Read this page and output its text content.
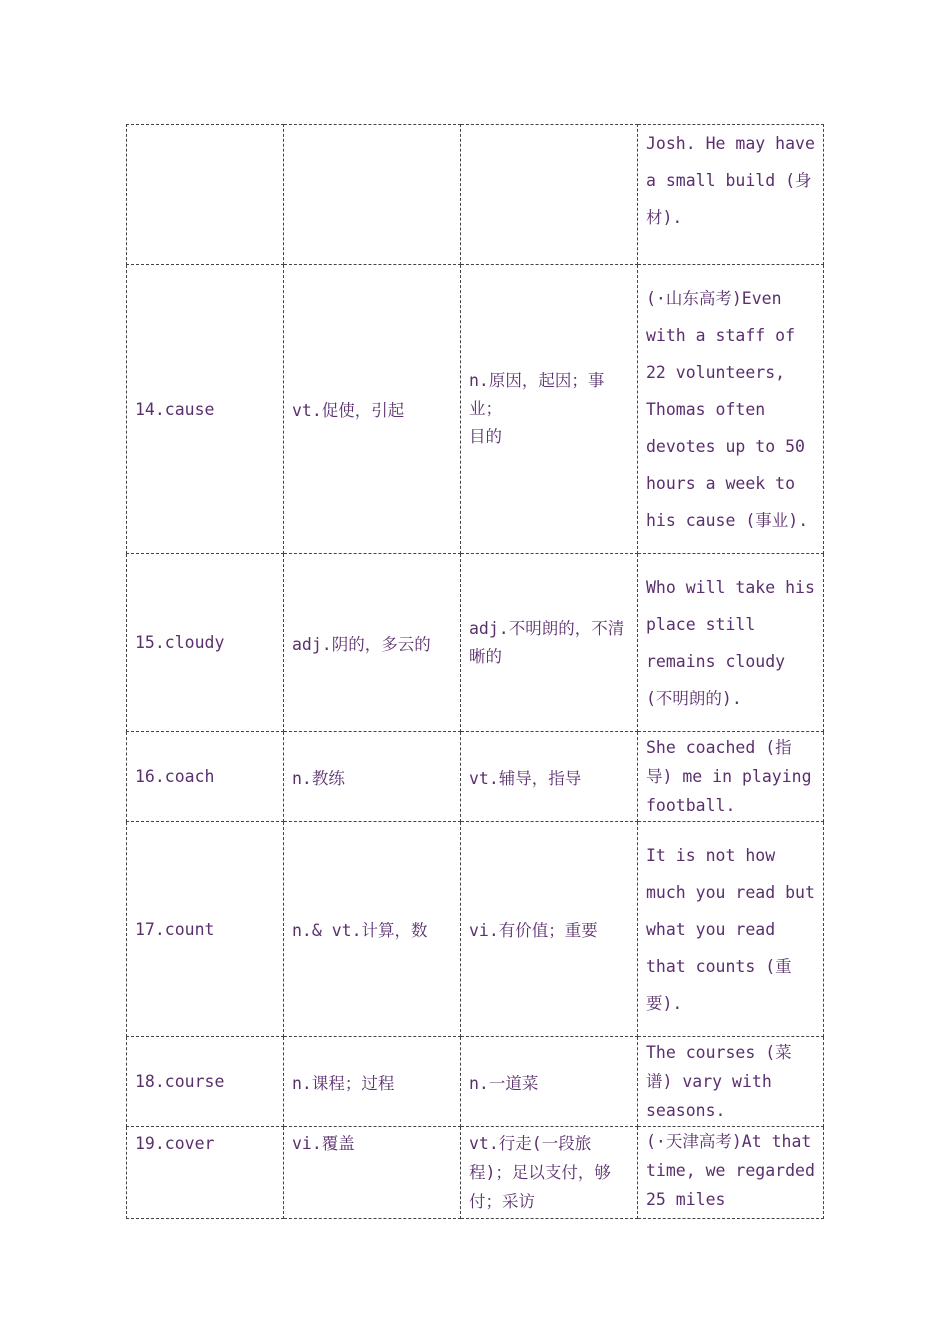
			Josh. He may have a small build (身材).
14.cause	vt.促使，引起	n.原因，起因；事业；
目的	(·山东高考)Even with a staff of 22 volunteers, Thomas often devotes up to 50 hours a week to his cause (事业).
15.cloudy	adj.阴的，多云的	adj.不明朗的，不清晰的	Who will take his place still remains cloudy (不明朗的).
16.coach	n.教练	vt.辅导，指导	She coached (指导) me in playing football.
17.count	n.& vt.计算，数	vi.有价值；重要	It is not how much you read but what you read that counts (重要).
18.course	n.课程；过程	n.一道菜	The courses (菜谱) vary with seasons.
19.cover	vi.覆盖	vt.行走(一段旅程)；足以支付，够付；采访	(·天津高考)At that time, we regarded 25 miles
